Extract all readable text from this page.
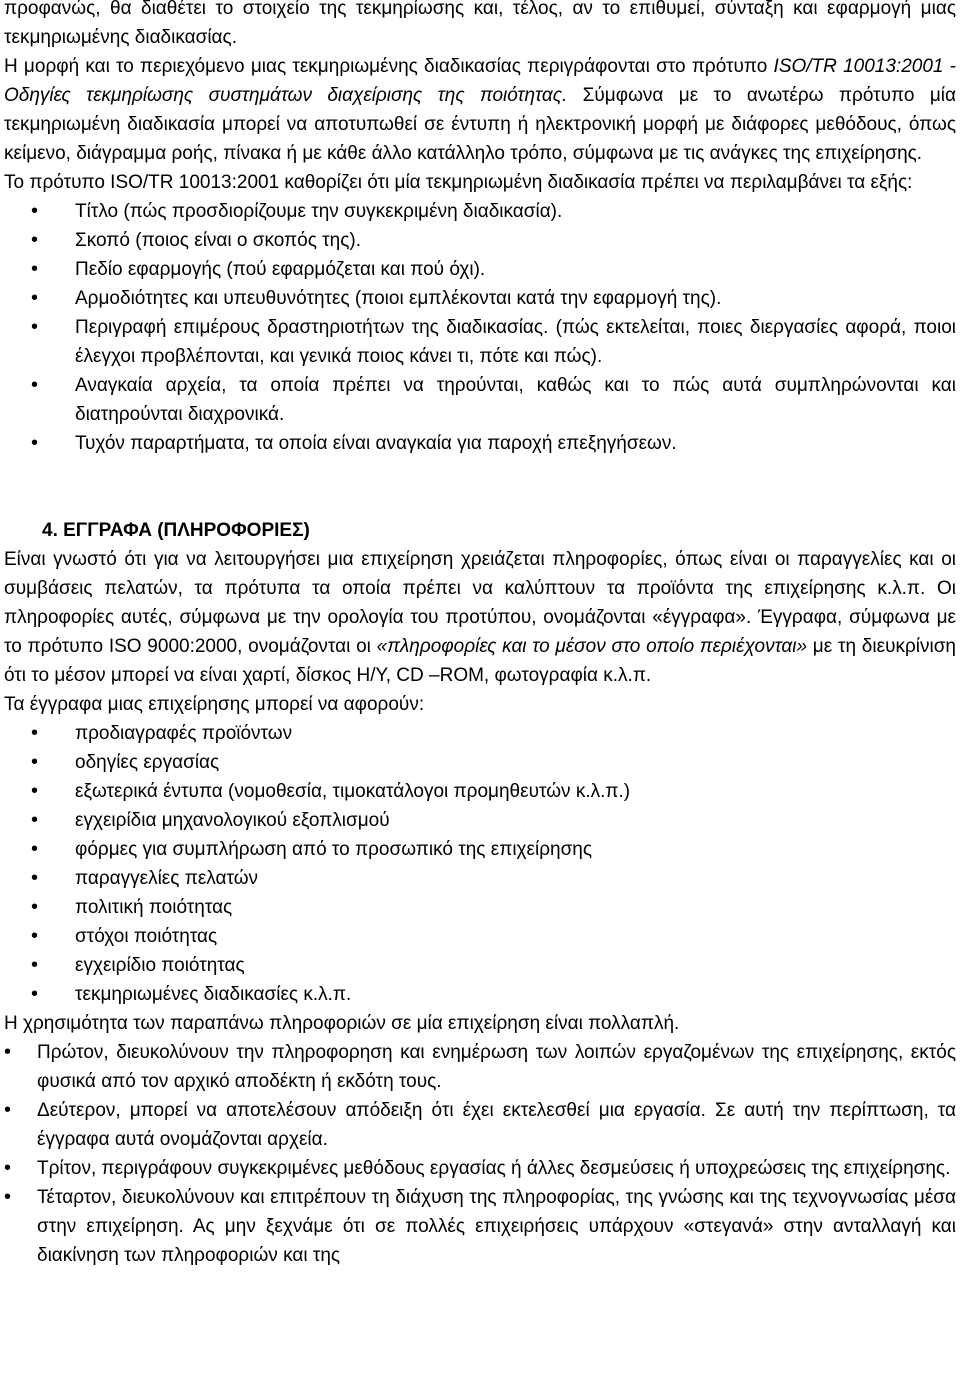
προφανώς, θα διαθέτει το στοιχείο της τεκμηρίωσης και, τέλος, αν το επιθυμεί, σύνταξη και εφαρμογή μιας τεκμηριωμένης διαδικασίας.

Η μορφή και το περιεχόμενο μιας τεκμηριωμένης διαδικασίας περιγράφονται στο πρότυπο ISO/TR 10013:2001 - Οδηγίες τεκμηρίωσης συστημάτων διαχείρισης της ποιότητας. Σύμφωνα με το ανωτέρω πρότυπο μία τεκμηριωμένη διαδικασία μπορεί να αποτυπωθεί σε έντυπη ή ηλεκτρονική μορφή με διάφορες μεθόδους, όπως κείμενο, διάγραμμα ροής, πίνακα ή με κάθε άλλο κατάλληλο τρόπο, σύμφωνα με τις ανάγκες της επιχείρησης.

Το πρότυπο ISO/TR 10013:2001 καθορίζει ότι μία τεκμηριωμένη διαδικασία πρέπει να περιλαμβάνει τα εξής:

• Τίτλο (πώς προσδιορίζουμε την συγκεκριμένη διαδικασία).
• Σκοπό (ποιος είναι ο σκοπός της).
• Πεδίο εφαρμογής (πού εφαρμόζεται και πού όχι).
• Αρμοδιότητες και υπευθυνότητες (ποιοι εμπλέκονται κατά την εφαρμογή της).
• Περιγραφή επιμέρους δραστηριοτήτων της διαδικασίας. (πώς εκτελείται, ποιες διεργασίες αφορά, ποιοι έλεγχοι προβλέπονται, και γενικά ποιος κάνει τι, πότε και πώς).
• Αναγκαία αρχεία, τα οποία πρέπει να τηρούνται, καθώς και το πώς αυτά συμπληρώνονται και διατηρούνται διαχρονικά.
• Τυχόν παραρτήματα, τα οποία είναι αναγκαία για παροχή επεξηγήσεων.

4. ΕΓΓΡΑΦΑ (ΠΛΗΡΟΦΟΡΙΕΣ)

Είναι γνωστό ότι για να λειτουργήσει μια επιχείρηση χρειάζεται πληροφορίες, όπως είναι οι παραγγελίες και οι συμβάσεις πελατών, τα πρότυπα τα οποία πρέπει να καλύπτουν τα προϊόντα της επιχείρησης κ.λ.π. Οι πληροφορίες αυτές, σύμφωνα με την ορολογία του προτύπου, ονομάζονται «έγγραφα». Έγγραφα, σύμφωνα με το πρότυπο ISO 9000:2000, ονομάζονται οι «πληροφορίες και το μέσον στο οποίο περιέχονται» με τη διευκρίνιση ότι το μέσον μπορεί να είναι χαρτί, δίσκος Η/Υ, CD –ROM, φωτογραφία κ.λ.π.

Τα έγγραφα μιας επιχείρησης μπορεί να αφορούν:

• προδιαγραφές προϊόντων
• οδηγίες εργασίας
• εξωτερικά έντυπα (νομοθεσία, τιμοκατάλογοι προμηθευτών κ.λ.π.)
• εγχειρίδια μηχανολογικού εξοπλισμού
• φόρμες για συμπλήρωση από το προσωπικό της επιχείρησης
• παραγγελίες πελατών
• πολιτική ποιότητας
• στόχοι ποιότητας
• εγχειρίδιο ποιότητας
• τεκμηριωμένες διαδικασίες κ.λ.π.

Η χρησιμότητα των παραπάνω πληροφοριών σε μία επιχείρηση είναι πολλαπλή.

• Πρώτον, διευκολύνουν την πληροφορηση και ενημέρωση των λοιπών εργαζομένων της επιχείρησης, εκτός φυσικά από τον αρχικό αποδέκτη ή εκδότη τους.
• Δεύτερον, μπορεί να αποτελέσουν απόδειξη ότι έχει εκτελεσθεί μια εργασία. Σε αυτή την περίπτωση, τα έγγραφα αυτά ονομάζονται αρχεία.
• Τρίτον, περιγράφουν συγκεκριμένες μεθόδους εργασίας ή άλλες δεσμεύσεις ή υποχρεώσεις της επιχείρησης.
• Τέταρτον, διευκολύνουν και επιτρέπουν τη διάχυση της πληροφορίας, της γνώσης και της τεχνογνωσίας μέσα στην επιχείρηση. Ας μην ξεχνάμε ότι σε πολλές επιχειρήσεις υπάρχουν «στεγανά» στην ανταλλαγή και διακίνηση των πληροφοριών και της
